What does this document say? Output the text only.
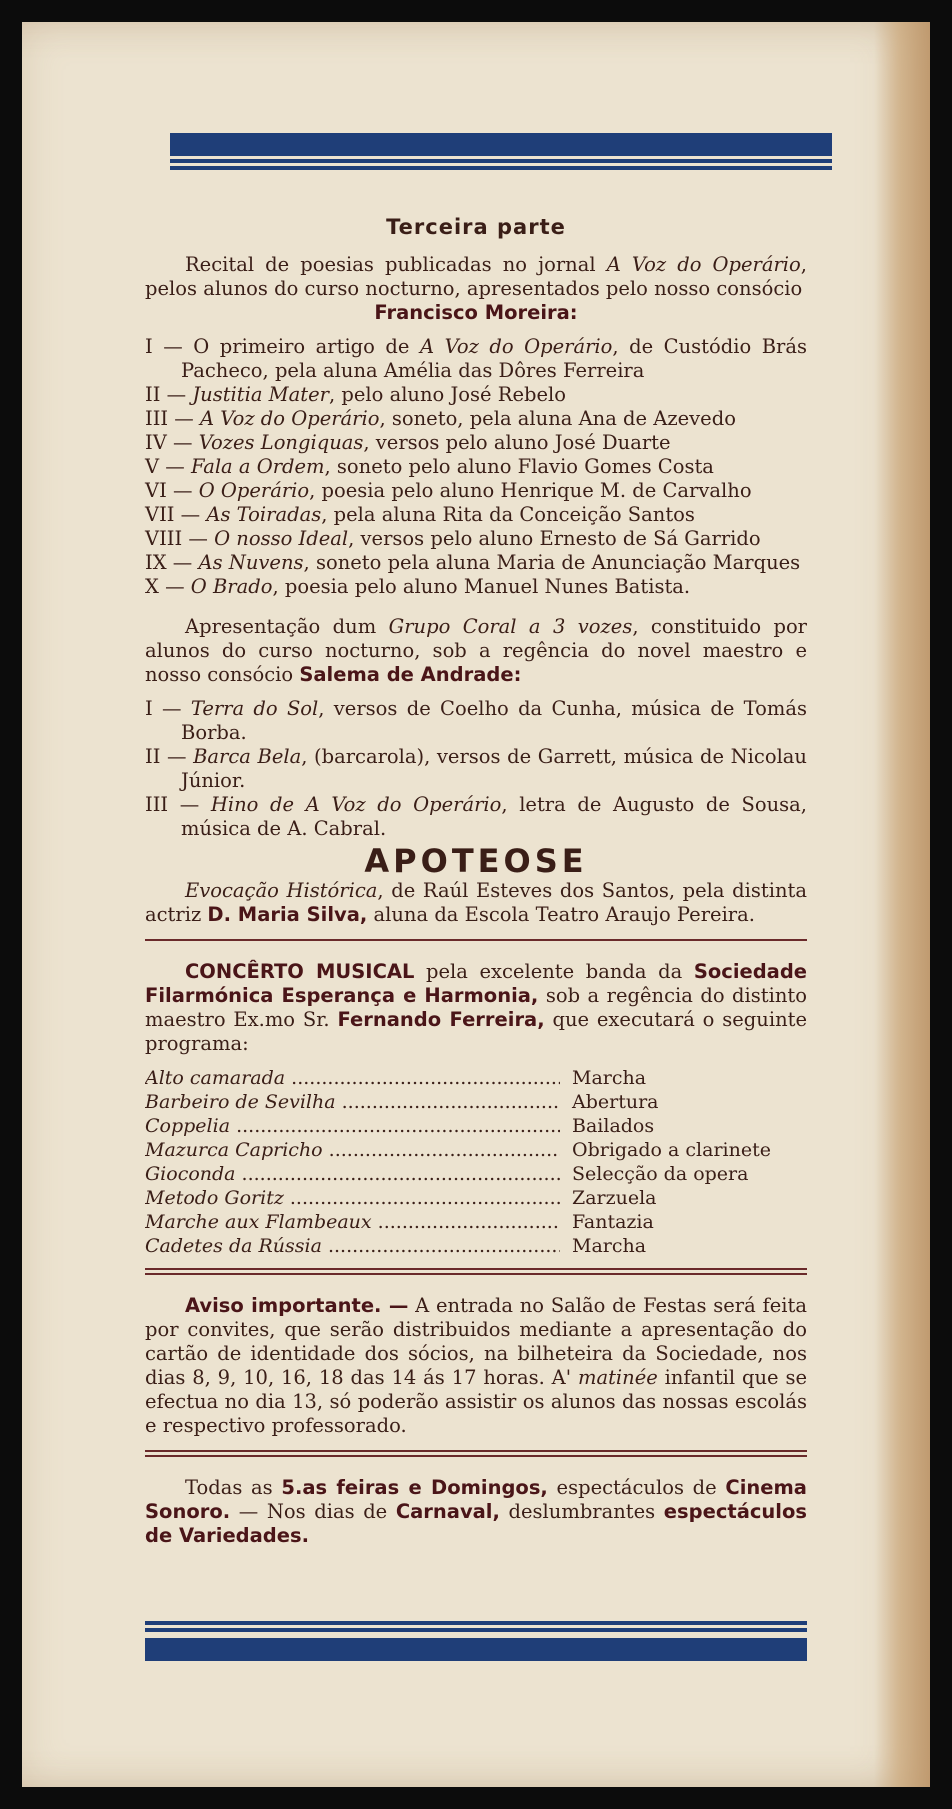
Terceira parte

Recital de poesias publicadas no jornal A Voz do Operário, pelos alunos do curso nocturno, apresentados pelo nosso consócio

Francisco Moreira:

I — O primeiro artigo de A Voz do Operário, de Custódio Brás Pacheco, pela aluna Amélia das Dôres Ferreira
II — Justitia Mater, pelo aluno José Rebelo
III — A Voz do Operário, soneto, pela aluna Ana de Azevedo
IV — Vozes Longiquas, versos pelo aluno José Duarte
V — Fala a Ordem, soneto pelo aluno Flavio Gomes Costa
VI — O Operário, poesia pelo aluno Henrique M. de Carvalho
VII — As Toiradas, pela aluna Rita da Conceição Santos
VIII — O nosso Ideal, versos pelo aluno Ernesto de Sá Garrido
IX — As Nuvens, soneto pela aluna Maria de Anunciação Marques
X — O Brado, poesia pelo aluno Manuel Nunes Batista.

Apresentação dum Grupo Coral a 3 vozes, constituido por alunos do curso nocturno, sob a regência do novel maestro e nosso consócio Salema de Andrade:

I — Terra do Sol, versos de Coelho da Cunha, música de Tomás Borba.
II — Barca Bela, (barcarola), versos de Garrett, música de Nicolau Júnior.
III — Hino de A Voz do Operário, letra de Augusto de Sousa, música de A. Cabral.
APOTEOSE

Evocação Histórica, de Raúl Esteves dos Santos, pela distinta actriz D. Maria Silva, aluna da Escola Teatro Araujo Pereira.

CONCÊRTO MUSICAL pela excelente banda da Sociedade Filarmónica Esperança e Harmonia, sob a regência do distinto maestro Ex.mo Sr. Fernando Ferreira, que executará o seguinte programa:

Alto camarada .....	Marcha
Barbeiro de Sevilha .....	Abertura
Coppelia .....	Bailados
Mazurca Capricho .....	Obrigado a clarinete
Gioconda .....	Selecção da opera
Metodo Goritz .....	Zarzuela
Marche aux Flambeaux .....	Fantazia
Cadetes da Rússia .....	Marcha

Aviso importante. — A entrada no Salão de Festas será feita por convites, que serão distribuidos mediante a apresentação do cartão de identidade dos sócios, na bilheteira da Sociedade, nos dias 8, 9, 10, 16, 18 das 14 ás 17 horas. A' matinée infantil que se efectua no dia 13, só poderão assistir os alunos das nossas escolás e respectivo professorado.

Todas as 5.as feiras e Domingos, espectáculos de Cinema Sonoro. — Nos dias de Carnaval, deslumbrantes espectáculos de Variedades.
